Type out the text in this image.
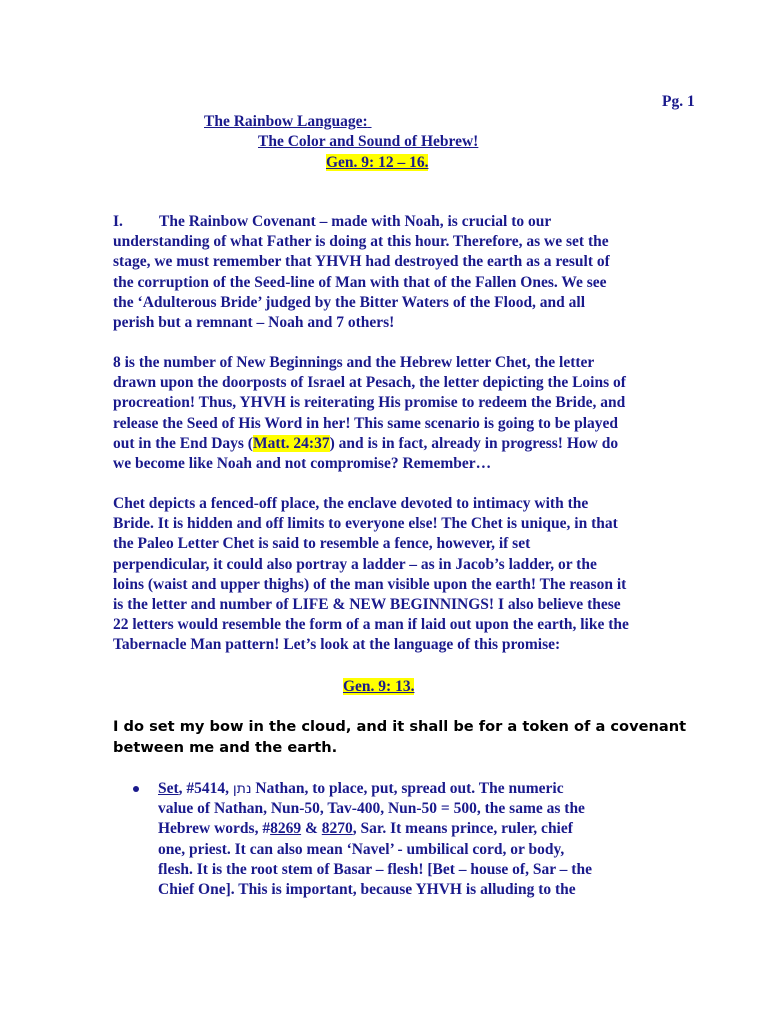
Pg. 1
The Rainbow Language:
The Color and Sound of Hebrew!
Gen. 9: 12 – 16.
I. The Rainbow Covenant – made with Noah, is crucial to our
understanding of what Father is doing at this hour. Therefore, as we set the
stage, we must remember that YHVH had destroyed the earth as a result of
the corruption of the Seed-line of Man with that of the Fallen Ones. We see
the ‘Adulterous Bride’ judged by the Bitter Waters of the Flood, and all
perish but a remnant – Noah and 7 others!
8 is the number of New Beginnings and the Hebrew letter Chet, the letter
drawn upon the doorposts of Israel at Pesach, the letter depicting the Loins of
procreation! Thus, YHVH is reiterating His promise to redeem the Bride, and
release the Seed of His Word in her! This same scenario is going to be played
out in the End Days (Matt. 24:37) and is in fact, already in progress! How do
we become like Noah and not compromise? Remember…
Chet depicts a fenced-off place, the enclave devoted to intimacy with the
Bride. It is hidden and off limits to everyone else! The Chet is unique, in that
the Paleo Letter Chet is said to resemble a fence, however, if set
perpendicular, it could also portray a ladder – as in Jacob’s ladder, or the
loins (waist and upper thighs) of the man visible upon the earth! The reason it
is the letter and number of LIFE & NEW BEGINNINGS! I also believe these
22 letters would resemble the form of a man if laid out upon the earth, like the
Tabernacle Man pattern! Let’s look at the language of this promise:
Gen. 9: 13.
I do set my bow in the cloud, and it shall be for a token of a covenant
between me and the earth.
Set, #5414, נתן Nathan, to place, put, spread out. The numeric
value of Nathan, Nun-50, Tav-400, Nun-50 = 500, the same as the
Hebrew words, #8269 & 8270, Sar. It means prince, ruler, chief
one, priest. It can also mean ‘Navel’ - umbilical cord, or body,
flesh. It is the root stem of Basar – flesh! [Bet – house of, Sar – the
Chief One]. This is important, because YHVH is alluding to the
